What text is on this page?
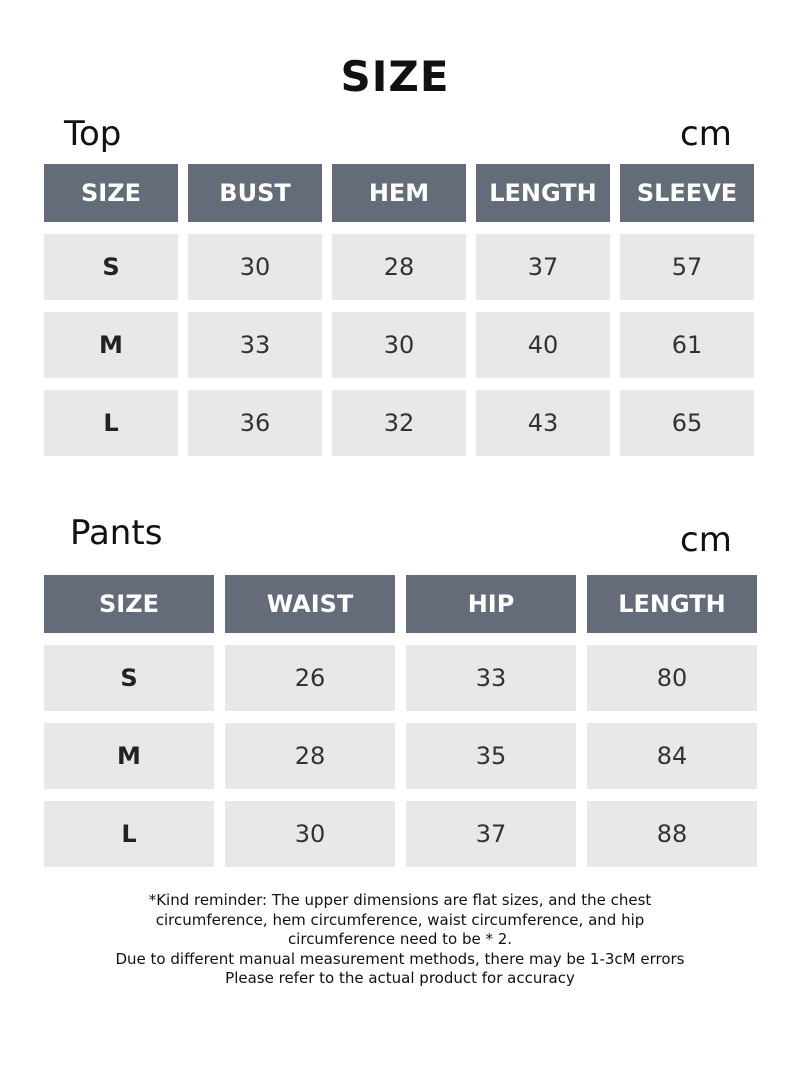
SIZE
Top	cm
SIZE	BUST	HEM	LENGTH	SLEEVE
S	30	28	37	57
M	33	30	40	61
L	36	32	43	65
Pants	cm
SIZE	WAIST	HIP	LENGTH
S	26	33	80
M	28	35	84
L	30	37	88
*Kind reminder: The upper dimensions are flat sizes, and the chest
circumference, hem circumference, waist circumference, and hip
circumference need to be * 2.
Due to different manual measurement methods, there may be 1-3cM errors
Please refer to the actual product for accuracy
